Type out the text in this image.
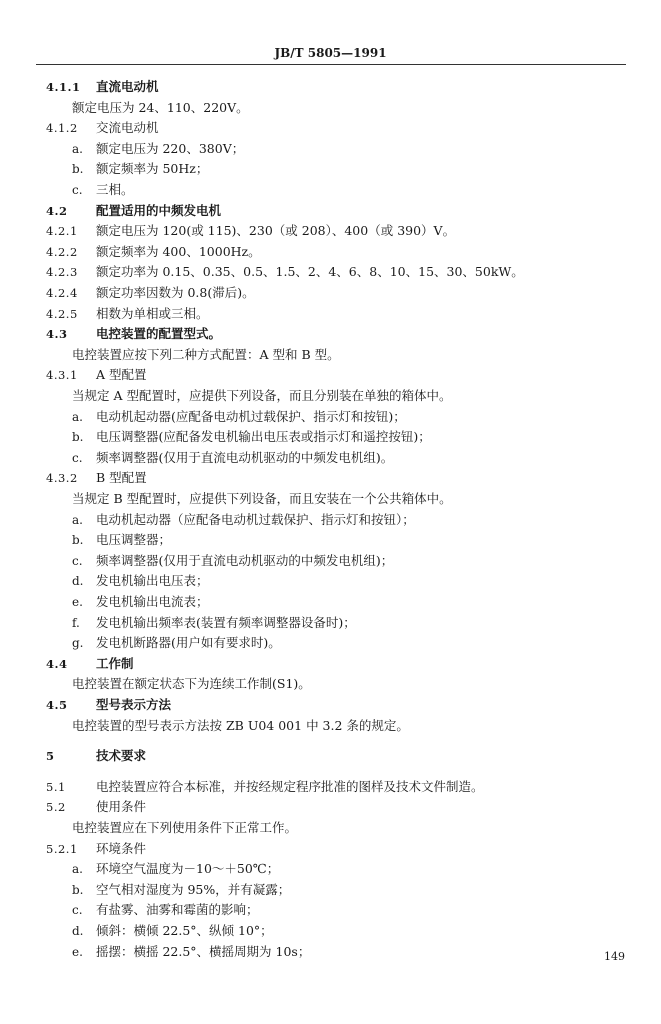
JB/T 5805—1991
4.1.1 直流电动机
额定电压为 24、110、220V。
4.1.2 交流电动机
a. 额定电压为 220、380V；
b. 额定频率为 50Hz；
c. 三相。
4.2 配置适用的中频发电机
4.2.1 额定电压为 120(或 115)、230（或 208）、400（或 390）V。
4.2.2 额定频率为 400、1000Hz。
4.2.3 额定功率为 0.15、0.35、0.5、1.5、2、4、6、8、10、15、30、50kW。
4.2.4 额定功率因数为 0.8(滞后)。
4.2.5 相数为单相或三相。
4.3 电控装置的配置型式。
电控装置应按下列二种方式配置：A 型和 B 型。
4.3.1 A 型配置
当规定 A 型配置时，应提供下列设备，而且分别装在单独的箱体中。
a. 电动机起动器(应配备电动机过载保护、指示灯和按钮)；
b. 电压调整器(应配备发电机输出电压表或指示灯和遥控按钮)；
c. 频率调整器(仅用于直流电动机驱动的中频发电机组)。
4.3.2 B 型配置
当规定 B 型配置时，应提供下列设备，而且安装在一个公共箱体中。
a. 电动机起动器（应配备电动机过载保护、指示灯和按钮）；
b. 电压调整器；
c. 频率调整器(仅用于直流电动机驱动的中频发电机组)；
d. 发电机输出电压表；
e. 发电机输出电流表；
f. 发电机输出频率表(装置有频率调整器设备时)；
g. 发电机断路器(用户如有要求时)。
4.4 工作制
电控装置在额定状态下为连续工作制(S1)。
4.5 型号表示方法
电控装置的型号表示方法按 ZB U04 001 中 3.2 条的规定。
5	技术要求
5.1 电控装置应符合本标准，并按经规定程序批准的图样及技术文件制造。
5.2 使用条件
电控装置应在下列使用条件下正常工作。
5.2.1 环境条件
a. 环境空气温度为－10～＋50℃；
b. 空气相对湿度为 95%，并有凝露；
c. 有盐雾、油雾和霉菌的影响；
d. 倾斜：横倾 22.5°、纵倾 10°；
e. 摇摆：横摇 22.5°、横摇周期为 10s；	149
